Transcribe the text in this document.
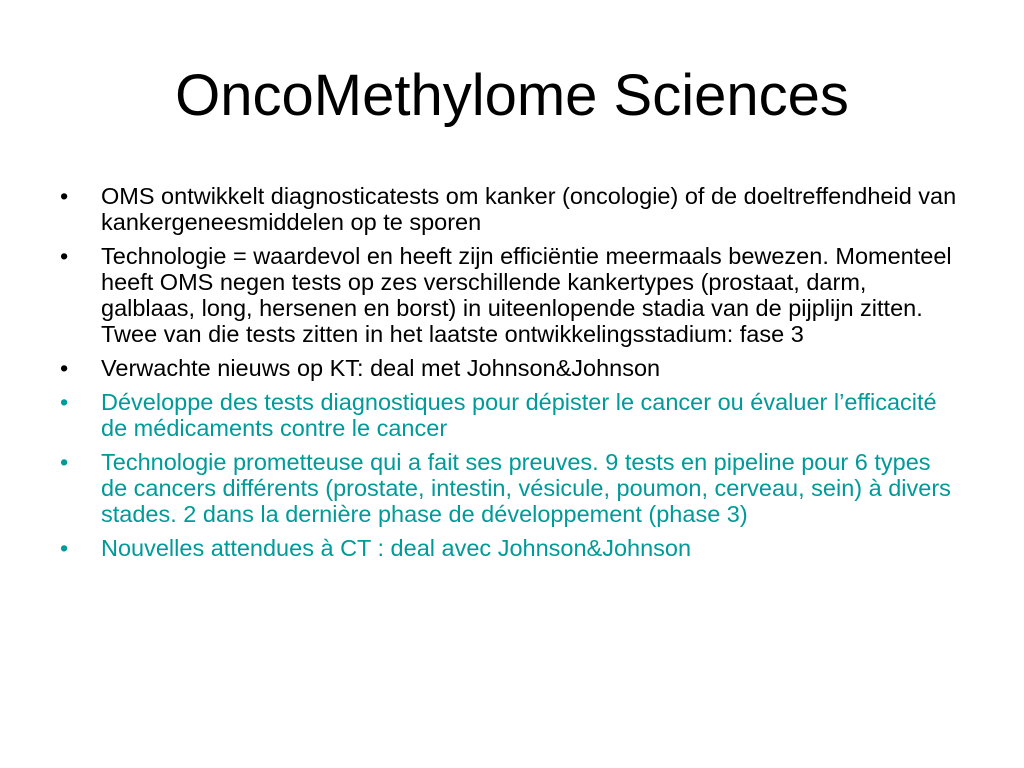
OncoMethylome Sciences
•	OMS ontwikkelt diagnosticatests om kanker (oncologie) of de doeltreffendheid van kankergeneesmiddelen op te sporen
•	Technologie = waardevol en heeft zijn efficiëntie meermaals bewezen. Momenteel heeft OMS negen tests op zes verschillende kankertypes (prostaat, darm, galblaas, long, hersenen en borst) in uiteenlopende stadia van de pijplijn zitten. Twee van die tests zitten in het laatste ontwikkelingsstadium: fase 3
•	Verwachte nieuws op KT: deal met Johnson&Johnson
•	Développe des tests diagnostiques pour dépister le cancer ou évaluer l’efficacité de médicaments contre le cancer
•	Technologie prometteuse qui a fait ses preuves. 9 tests en pipeline pour 6 types de cancers différents (prostate, intestin, vésicule, poumon, cerveau, sein) à divers stades. 2 dans la dernière phase de développement (phase 3)
•	Nouvelles attendues à CT : deal avec Johnson&Johnson
